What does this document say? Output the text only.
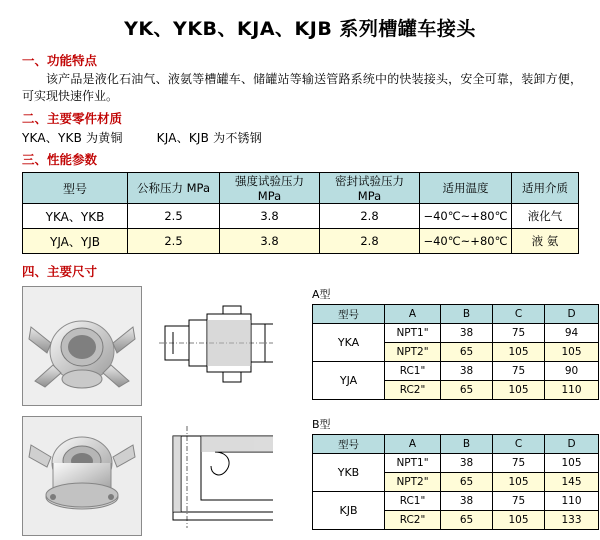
YK、YKB、KJA、KJB 系列槽罐车接头
一、功能特点
该产品是液化石油气、液氨等槽罐车、储罐站等输送管路系统中的快装接头，安全可靠，装卸方便，可实现快速作业。
二、主要零件材质
YKA、YKB 为黄铜	KJA、KJB 为不锈钢
三、性能参数
型号	公称压力 MPa	强度试验压力 MPa	密封试验压力 MPa	适用温度	适用介质
YKA、YKB	2.5	3.8	2.8	−40℃~+80℃	液化气
YJA、YJB	2.5	3.8	2.8	−40℃~+80℃	液 氨
四、主要尺寸

A型
型号	A	B	C	D
YKA	NPT1"	38	75	94
	NPT2"	65	105	105
YJA	RC1"	38	75	90
	RC2"	65	105	110

B型
型号	A	B	C	D
YKB	NPT1"	38	75	105
	NPT2"	65	105	145
KJB	RC1"	38	75	110
	RC2"	65	105	133
